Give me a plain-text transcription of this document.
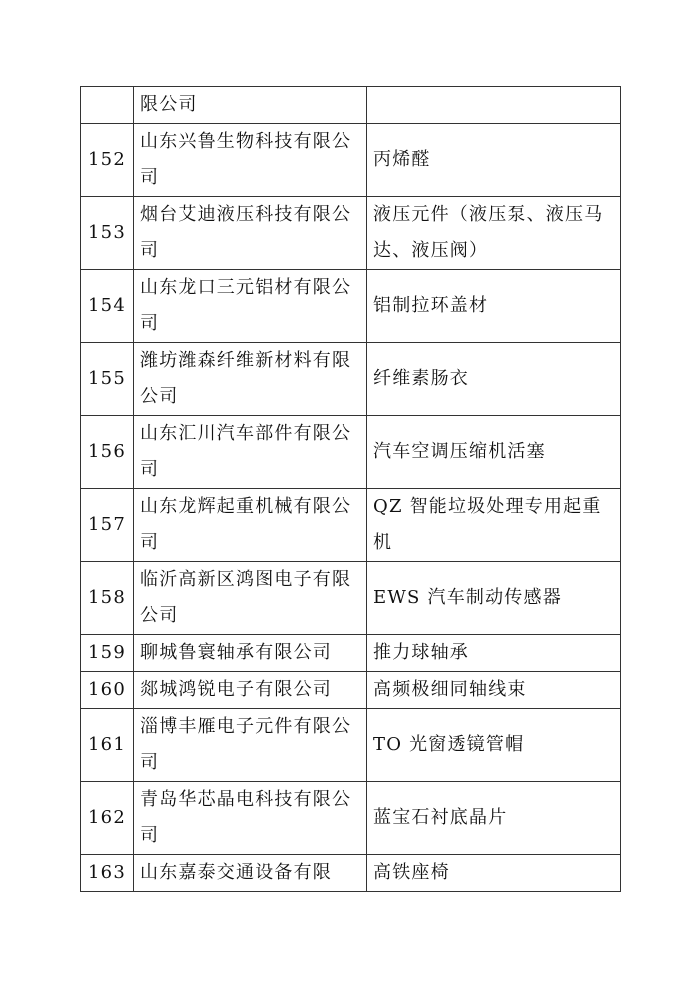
	限公司	
152	山东兴鲁生物科技有限公司	丙烯醛
153	烟台艾迪液压科技有限公司	液压元件（液压泵、液压马达、液压阀）
154	山东龙口三元铝材有限公司	铝制拉环盖材
155	潍坊潍森纤维新材料有限公司	纤维素肠衣
156	山东汇川汽车部件有限公司	汽车空调压缩机活塞
157	山东龙辉起重机械有限公司	QZ 智能垃圾处理专用起重机
158	临沂高新区鸿图电子有限公司	EWS 汽车制动传感器
159	聊城鲁寰轴承有限公司	推力球轴承
160	郯城鸿锐电子有限公司	高频极细同轴线束
161	淄博丰雁电子元件有限公司	TO 光窗透镜管帽
162	青岛华芯晶电科技有限公司	蓝宝石衬底晶片
163	山东嘉泰交通设备有限	高铁座椅
